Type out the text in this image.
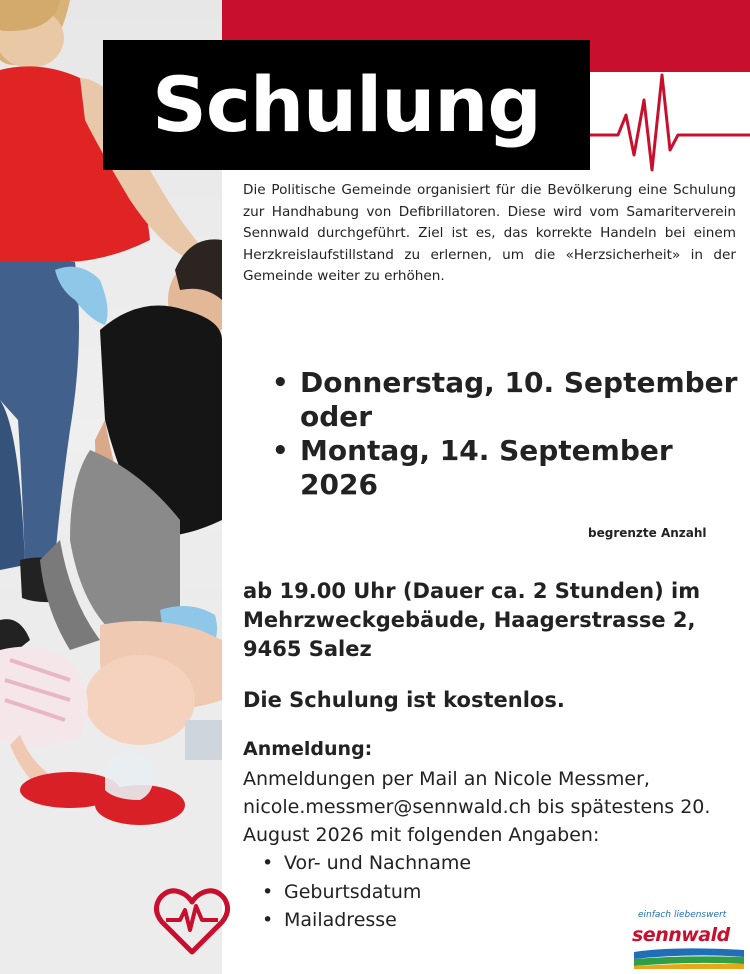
Schulung
Die Politische Gemeinde organisiert für die Bevölkerung eine Schulung zur Handhabung von Defibrillatoren. Diese wird vom Samariterverein Sennwald durchgeführt. Ziel ist es, das korrekte Handeln bei einem Herzkreislaufstillstand zu erlernen, um die «Herzsicherheit» in der Gemeinde weiter zu erhöhen.
• Donnerstag, 10. September oder
• Montag, 14. September 2026
begrenzte Anzahl
ab 19.00 Uhr (Dauer ca. 2 Stunden) im Mehrzweckgebäude, Haagerstrasse 2, 9465 Salez
Die Schulung ist kostenlos.
Anmeldung:
Anmeldungen per Mail an Nicole Messmer, nicole.messmer@sennwald.ch bis spätestens 20. August 2026 mit folgenden Angaben:
• Vor- und Nachname
• Geburtsdatum
• Mailadresse	einfach liebenswert
sennwald
